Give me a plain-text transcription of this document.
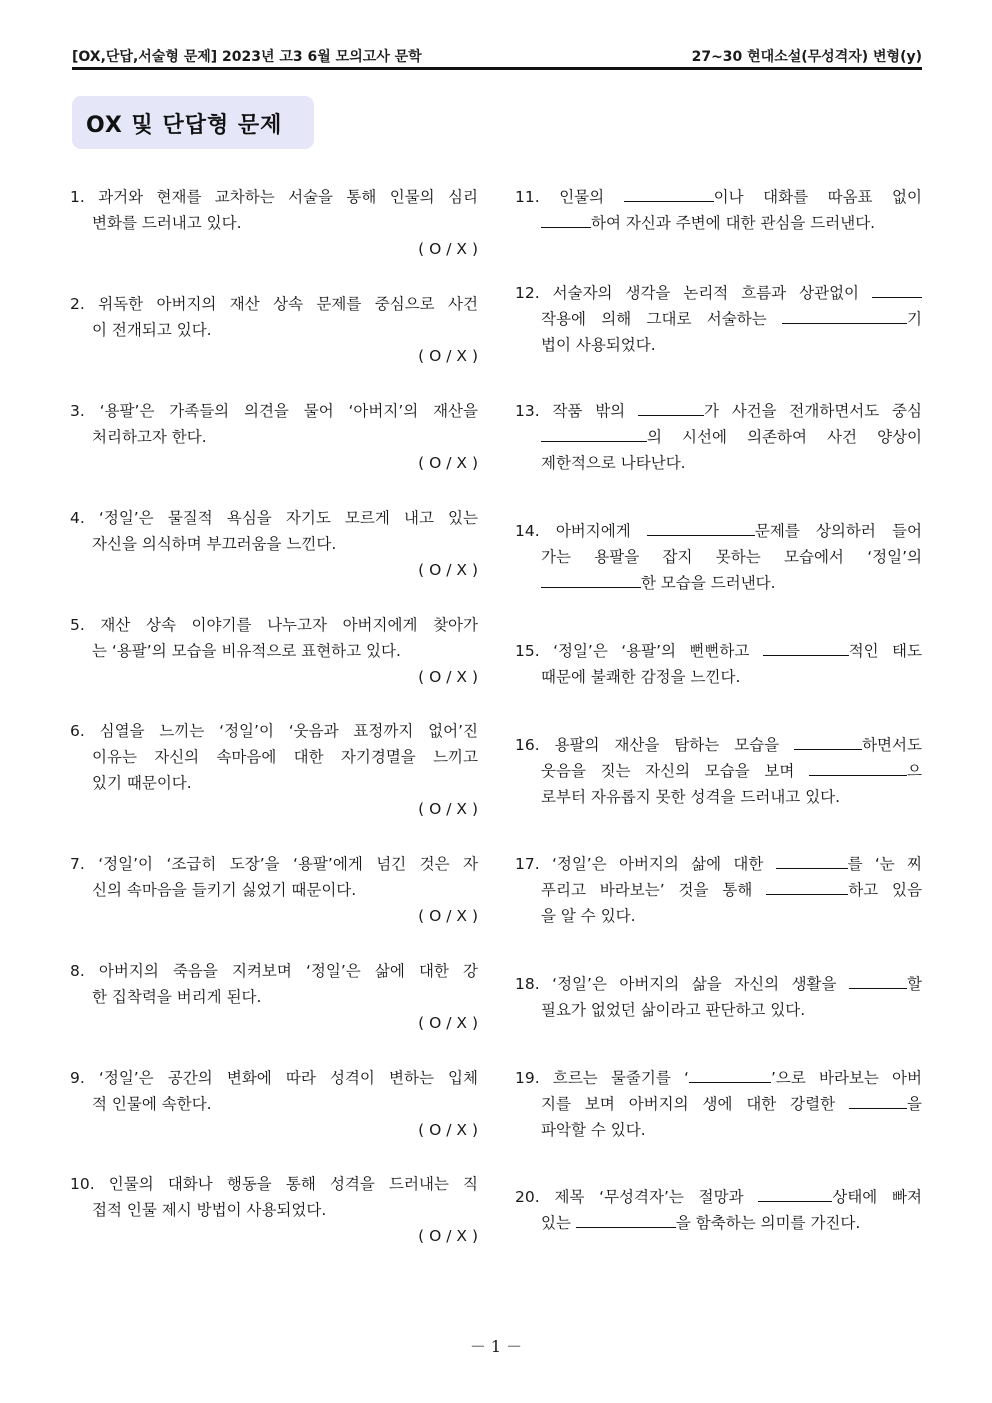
[OX,단답,서술형 문제] 2023년 고3 6월 모의고사 문학	27~30 현대소설(무성격자) 변형(y)
OX 및 단답형 문제
1. 과거와 현재를 교차하는 서술을 통해 인물의 심리
변화를 드러내고 있다.
( O / X )
2. 위독한 아버지의 재산 상속 문제를 중심으로 사건
이 전개되고 있다.
( O / X )
3. ‘용팔’은 가족들의 의견을 물어 ‘아버지’의 재산을
처리하고자 한다.
( O / X )
4. ‘정일’은 물질적 욕심을 자기도 모르게 내고 있는
자신을 의식하며 부끄러움을 느낀다.
( O / X )
5. 재산 상속 이야기를 나누고자 아버지에게 찾아가
는 ‘용팔’의 모습을 비유적으로 표현하고 있다.
( O / X )
6. 심열을 느끼는 ‘정일’이 ‘웃음과 표정까지 없어’진
이유는 자신의 속마음에 대한 자기경멸을 느끼고
있기 때문이다.
( O / X )
7. ‘정일’이 ‘조급히 도장’을 ‘용팔’에게 넘긴 것은 자
신의 속마음을 들키기 싫었기 때문이다.
( O / X )
8. 아버지의 죽음을 지켜보며 ‘정일’은 삶에 대한 강
한 집착력을 버리게 된다.
( O / X )
9. ‘정일’은 공간의 변화에 따라 성격이 변하는 입체
적 인물에 속한다.
( O / X )
10. 인물의 대화나 행동을 통해 성격을 드러내는 직
접적 인물 제시 방법이 사용되었다.
( O / X )
11. 인물의	이나 대화를 따옴표 없이
하여 자신과 주변에 대한 관심을 드러낸다.
12. 서술자의 생각을 논리적 흐름과 상관없이
작용에 의해 그대로 서술하는	기
법이 사용되었다.
13. 작품 밖의	가 사건을 전개하면서도 중심
의 시선에 의존하여 사건 양상이
제한적으로 나타난다.
14. 아버지에게	문제를 상의하러 들어
가는 용팔을 잡지 못하는 모습에서 ‘정일’의
한 모습을 드러낸다.
15. ‘정일’은 ‘용팔’의 뻔뻔하고	적인 태도
때문에 불쾌한 감정을 느낀다.
16. 용팔의 재산을 탐하는 모습을	하면서도
웃음을 짓는 자신의 모습을 보며	으
로부터 자유롭지 못한 성격을 드러내고 있다.
17. ‘정일’은 아버지의 삶에 대한	를 ‘눈 찌
푸리고 바라보는’ 것을 통해	하고 있음
을 알 수 있다.
18. ‘정일’은 아버지의 삶을 자신의 생활을	할
필요가 없었던 삶이라고 판단하고 있다.
19. 흐르는 물줄기를 ‘	’으로 바라보는 아버
지를 보며 아버지의 생에 대한 강렬한	을
파악할 수 있다.
20. 제목 ‘무성격자’는 절망과	상태에 빠져
있는	을 함축하는 의미를 가진다.
－ 1 －
